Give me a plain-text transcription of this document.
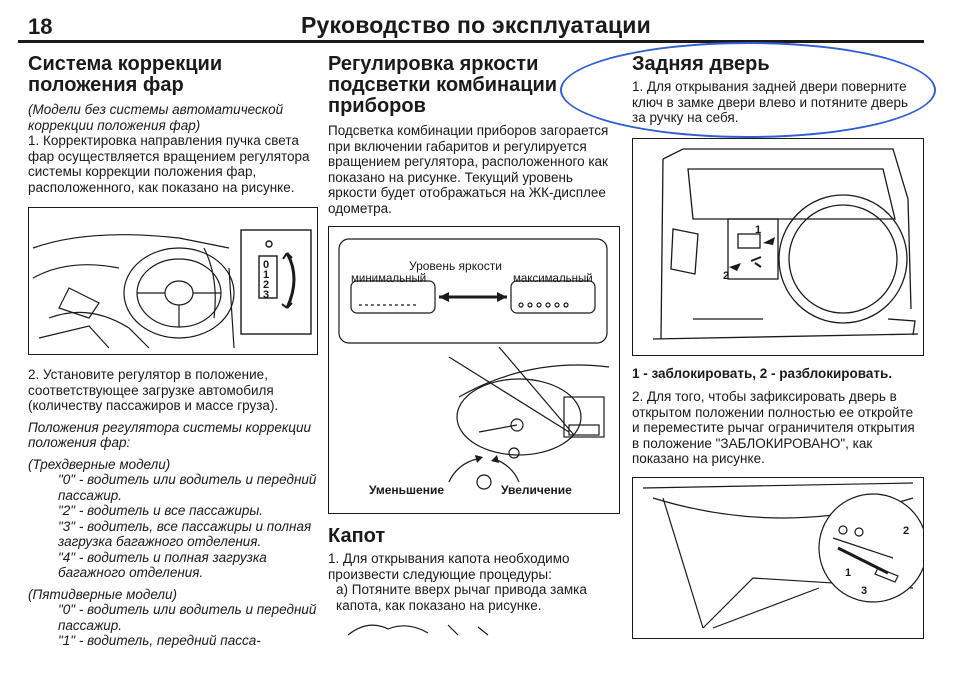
18	Руководство по эксплуатации
Система коррекции положения фар

(Модели без системы автоматической коррекции положения фар)

1. Корректировка направления пучка света фар осуществляется вращением регулятора системы коррекции положения фар, расположенного, как показано на рисунке.

0
1
2
3

2. Установите регулятор в положение, соответствующее загрузке автомобиля (количеству пассажиров и массе груза).

Положения регулятора системы коррекции положения фар:

(Трехдверные модели)

"0" - водитель или водитель и передний пассажир.

"2" - водитель и все пассажиры.

"3" - водитель, все пассажиры и полная загрузка багажного отделения.

"4" - водитель и полная загрузка багажного отделения.

(Пятидверные модели)

"0" - водитель или водитель и передний пассажир.

"1" - водитель, передний пасса-

Регулировка яркости подсветки комбинации приборов

Подсветка комбинации приборов загорается при включении габаритов и регулируется вращением регулятора, расположенного как показано на рисунке. Текущий уровень яркости будет отображаться на ЖК-дисплее одометра.

Уровень яркости
минимальный	максимальный
Уменьшение	Увеличение
Капот

1. Для открывания капота необходимо произвести следующие процедуры:

а) Потяните вверх рычаг привода замка капота, как показано на рисунке.

Задняя дверь

1. Для открывания задней двери поверните ключ в замке двери влево и потяните дверь за ручку на себя.

1
2

1 - заблокировать, 2 - разблокировать.

2. Для того, чтобы зафиксировать дверь в открытом положении полностью ее откройте и переместите рычаг ограничителя открытия в положение "ЗАБЛОКИРОВАНО", как показано на рисунке.

2
1
3
